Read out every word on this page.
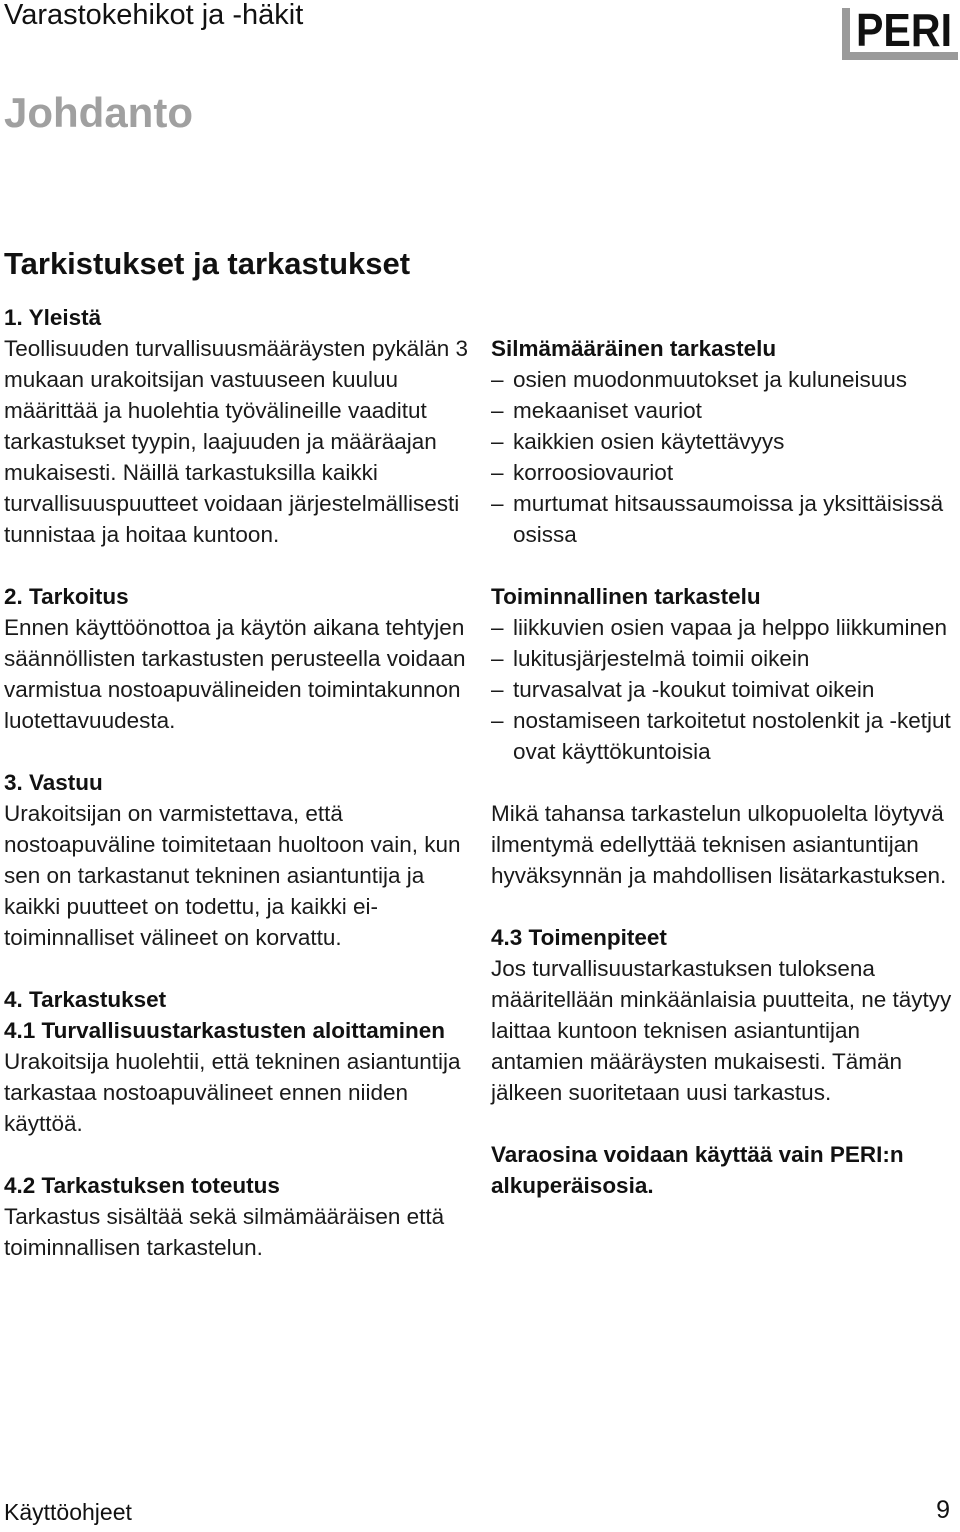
Varastokehikot ja -häkit	PERI
Johdanto
Tarkistukset ja tarkastukset
1. Yleistä
Teollisuuden turvallisuusmääräysten pykälän 3 mukaan urakoitsijan vastuuseen kuuluu määrittää ja huolehtia työvälineille vaaditut tarkastukset tyypin, laajuuden ja määräajan mukaisesti. Näillä tarkastuksilla kaikki turvallisuuspuutteet voidaan järjestelmällisesti tunnistaa ja hoitaa kuntoon.
2. Tarkoitus
Ennen käyttöönottoa ja käytön aikana tehtyjen säännöllisten tarkastusten perusteella voidaan varmistua nostoapuvälineiden toimintakunnon luotettavuudesta.
3. Vastuu
Urakoitsijan on varmistettava, että nostoapuväline toimitetaan huoltoon vain, kun sen on tarkastanut tekninen asiantuntija ja kaikki puutteet on todettu, ja kaikki ei-toiminnalliset välineet on korvattu.
4. Tarkastukset
4.1 Turvallisuustarkastusten aloittaminen
Urakoitsija huolehtii, että tekninen asiantuntija tarkastaa nostoapuvälineet ennen niiden käyttöä.
4.2 Tarkastuksen toteutus
Tarkastus sisältää sekä silmämääräisen että toiminnallisen tarkastelun.
Silmämääräinen tarkastelu
– osien muodonmuutokset ja kuluneisuus
– mekaaniset vauriot
– kaikkien osien käytettävyys
– korroosiovauriot
– murtumat hitsaussaumoissa ja yksittäisissä osissa
Toiminnallinen tarkastelu
– liikkuvien osien vapaa ja helppo liikkuminen
– lukitusjärjestelmä toimii oikein
– turvasalvat ja -koukut toimivat oikein
– nostamiseen tarkoitetut nostolenkit ja -ketjut ovat käyttökuntoisia
Mikä tahansa tarkastelun ulkopuolelta löytyvä ilmentymä edellyttää teknisen asiantuntijan hyväksynnän ja mahdollisen lisätarkastuksen.
4.3 Toimenpiteet
Jos turvallisuustarkastuksen tuloksena määritellään minkäänlaisia puutteita, ne täytyy laittaa kuntoon teknisen asiantuntijan antamien määräysten mukaisesti. Tämän jälkeen suoritetaan uusi tarkastus.
Varaosina voidaan käyttää vain PERI:n alkuperäisosia.
Käyttöohjeet	9
